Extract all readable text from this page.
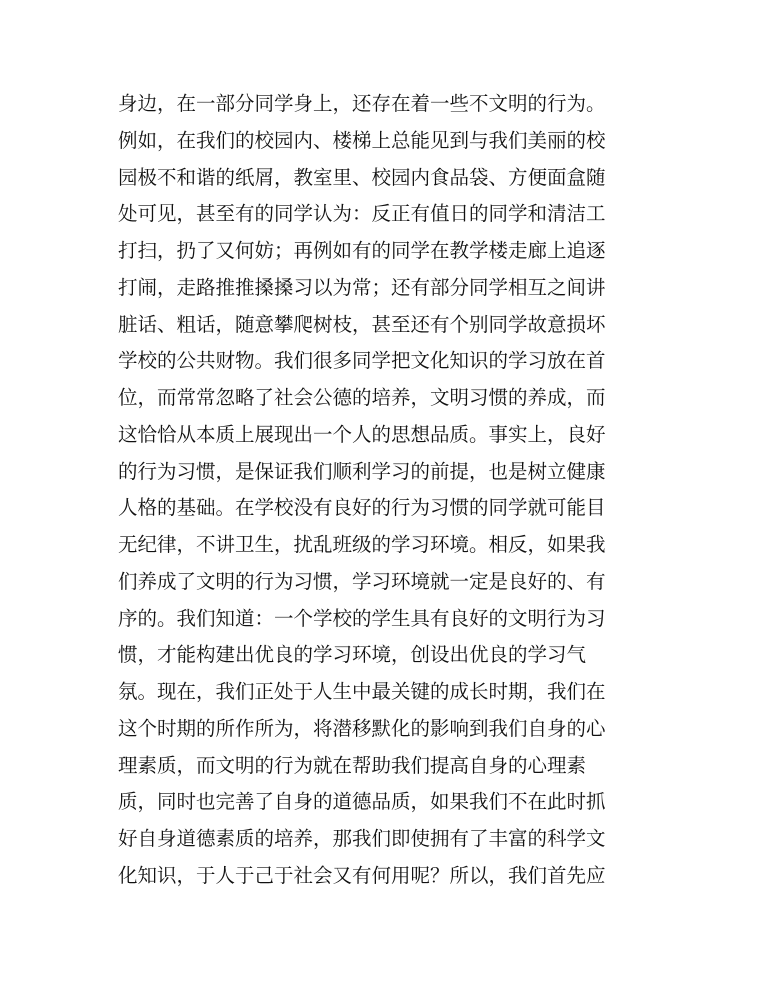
身边，在一部分同学身上，还存在着一些不文明的行为。
例如，在我们的校园内、楼梯上总能见到与我们美丽的校
园极不和谐的纸屑，教室里、校园内食品袋、方便面盒随
处可见，甚至有的同学认为：反正有值日的同学和清洁工
打扫，扔了又何妨；再例如有的同学在教学楼走廊上追逐
打闹，走路推推搡搡习以为常；还有部分同学相互之间讲
脏话、粗话，随意攀爬树枝，甚至还有个别同学故意损坏
学校的公共财物。我们很多同学把文化知识的学习放在首
位，而常常忽略了社会公德的培养，文明习惯的养成，而
这恰恰从本质上展现出一个人的思想品质。事实上，良好
的行为习惯，是保证我们顺利学习的前提，也是树立健康
人格的基础。在学校没有良好的行为习惯的同学就可能目
无纪律，不讲卫生，扰乱班级的学习环境。相反，如果我
们养成了文明的行为习惯，学习环境就一定是良好的、有
序的。我们知道：一个学校的学生具有良好的文明行为习
惯，才能构建出优良的学习环境，创设出优良的学习气
氛。现在，我们正处于人生中最关键的成长时期，我们在
这个时期的所作所为，将潜移默化的影响到我们自身的心
理素质，而文明的行为就在帮助我们提高自身的心理素
质，同时也完善了自身的道德品质，如果我们不在此时抓
好自身道德素质的培养，那我们即使拥有了丰富的科学文
化知识，于人于己于社会又有何用呢？所以，我们首先应
